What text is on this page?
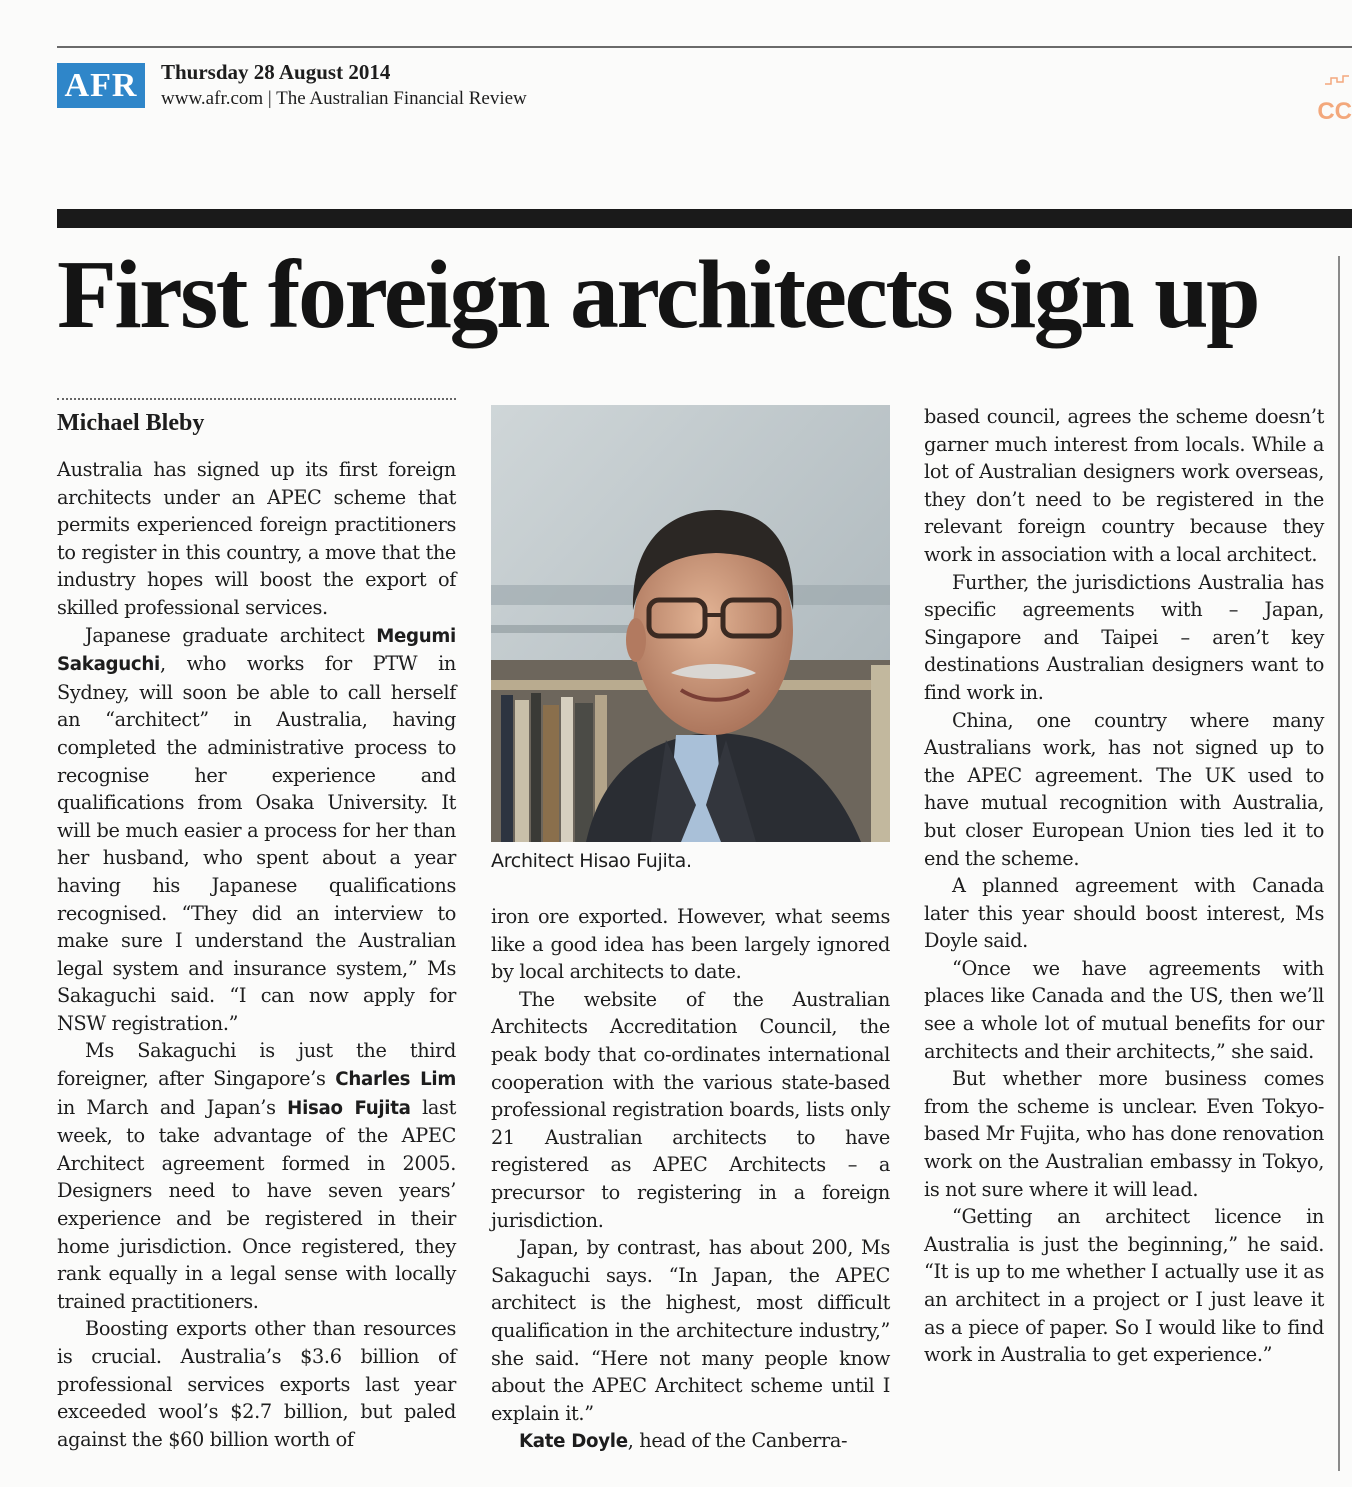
AFR	Thursday 28 August 2014
www.afr.com | The Australian Financial Review	CC
First foreign architects sign up
Michael Bleby

Australia has signed up its first foreign architects under an APEC scheme that permits experienced foreign practitioners to register in this country, a move that the industry hopes will boost the export of skilled professional services.

Japanese graduate architect Megumi Sakaguchi, who works for PTW in Sydney, will soon be able to call herself an “architect” in Australia, having completed the administrative process to recognise her experience and qualifications from Osaka University. It will be much easier a process for her than her husband, who spent about a year having his Japanese qualifications recognised. “They did an interview to make sure I understand the Australian legal system and insurance system,” Ms Sakaguchi said. “I can now apply for NSW registration.”

Ms Sakaguchi is just the third foreigner, after Singapore’s Charles Lim in March and Japan’s Hisao Fujita last week, to take advantage of the APEC Architect agreement formed in 2005. Designers need to have seven years’ experience and be registered in their home jurisdiction. Once registered, they rank equally in a legal sense with locally trained practitioners.

Boosting exports other than resources is crucial. Australia’s $3.6 billion of professional services exports last year exceeded wool’s $2.7 billion, but paled against the $60 billion worth of

Architect Hisao Fujita.

iron ore exported. However, what seems like a good idea has been largely ignored by local architects to date.

The website of the Australian Architects Accreditation Council, the peak body that co-ordinates international cooperation with the various state-based professional registration boards, lists only 21 Australian architects to have registered as APEC Architects – a precursor to registering in a foreign jurisdiction.

Japan, by contrast, has about 200, Ms Sakaguchi says. “In Japan, the APEC architect is the highest, most difficult qualification in the architecture industry,” she said. “Here not many people know about the APEC Architect scheme until I explain it.”

Kate Doyle, head of the Canberra-

based council, agrees the scheme doesn’t garner much interest from locals. While a lot of Australian designers work overseas, they don’t need to be registered in the relevant foreign country because they work in association with a local architect.

Further, the jurisdictions Australia has specific agreements with – Japan, Singapore and Taipei – aren’t key destinations Australian designers want to find work in.

China, one country where many Australians work, has not signed up to the APEC agreement. The UK used to have mutual recognition with Australia, but closer European Union ties led it to end the scheme.

A planned agreement with Canada later this year should boost interest, Ms Doyle said.

“Once we have agreements with places like Canada and the US, then we’ll see a whole lot of mutual benefits for our architects and their architects,” she said.

But whether more business comes from the scheme is unclear. Even Tokyo-based Mr Fujita, who has done renovation work on the Australian embassy in Tokyo, is not sure where it will lead.

“Getting an architect licence in Australia is just the beginning,” he said. “It is up to me whether I actually use it as an architect in a project or I just leave it as a piece of paper. So I would like to find work in Australia to get experience.”
